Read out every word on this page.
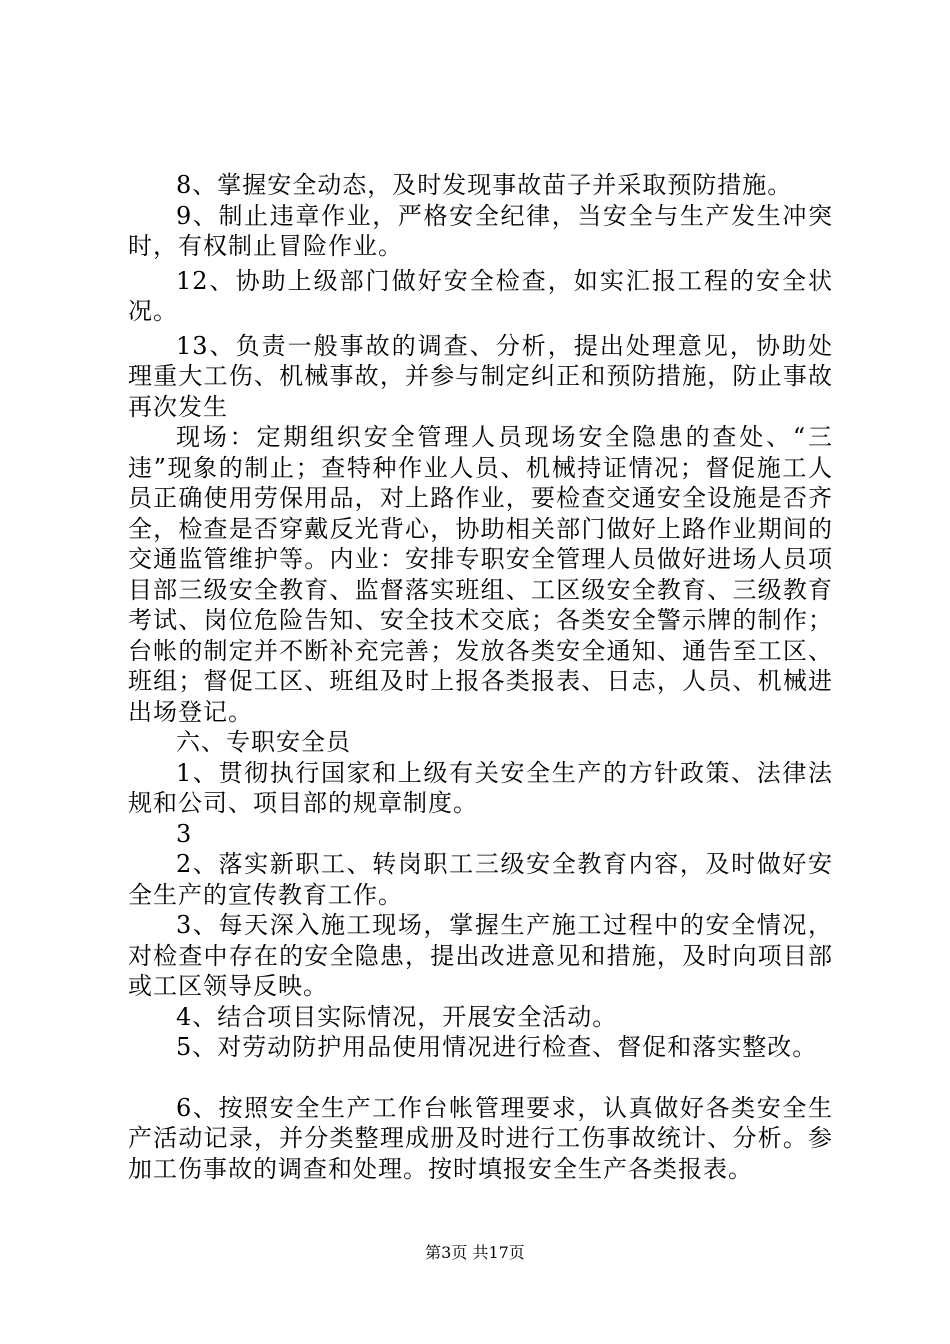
8、掌握安全动态，及时发现事故苗子并采取预防措施。

9、制止违章作业，严格安全纪律，当安全与生产发生冲突时，有权制止冒险作业。

12、协助上级部门做好安全检查，如实汇报工程的安全状况。

13、负责一般事故的调查、分析，提出处理意见，协助处理重大工伤、机械事故，并参与制定纠正和预防措施，防止事故再次发生

现场：定期组织安全管理人员现场安全隐患的查处、“三违”现象的制止；查特种作业人员、机械持证情况；督促施工人员正确使用劳保用品，对上路作业，要检查交通安全设施是否齐全，检查是否穿戴反光背心，协助相关部门做好上路作业期间的交通监管维护等。内业：安排专职安全管理人员做好进场人员项目部三级安全教育、监督落实班组、工区级安全教育、三级教育考试、岗位危险告知、安全技术交底；各类安全警示牌的制作；台帐的制定并不断补充完善；发放各类安全通知、通告至工区、班组；督促工区、班组及时上报各类报表、日志，人员、机械进出场登记。

六、专职安全员

1、贯彻执行国家和上级有关安全生产的方针政策、法律法规和公司、项目部的规章制度。

3

2、落实新职工、转岗职工三级安全教育内容，及时做好安全生产的宣传教育工作。

3、每天深入施工现场，掌握生产施工过程中的安全情况，对检查中存在的安全隐患，提出改进意见和措施，及时向项目部或工区领导反映。

4、结合项目实际情况，开展安全活动。

5、对劳动防护用品使用情况进行检查、督促和落实整改。

6、按照安全生产工作台帐管理要求，认真做好各类安全生产活动记录，并分类整理成册及时进行工伤事故统计、分析。参加工伤事故的调查和处理。按时填报安全生产各类报表。

第3页 共17页
